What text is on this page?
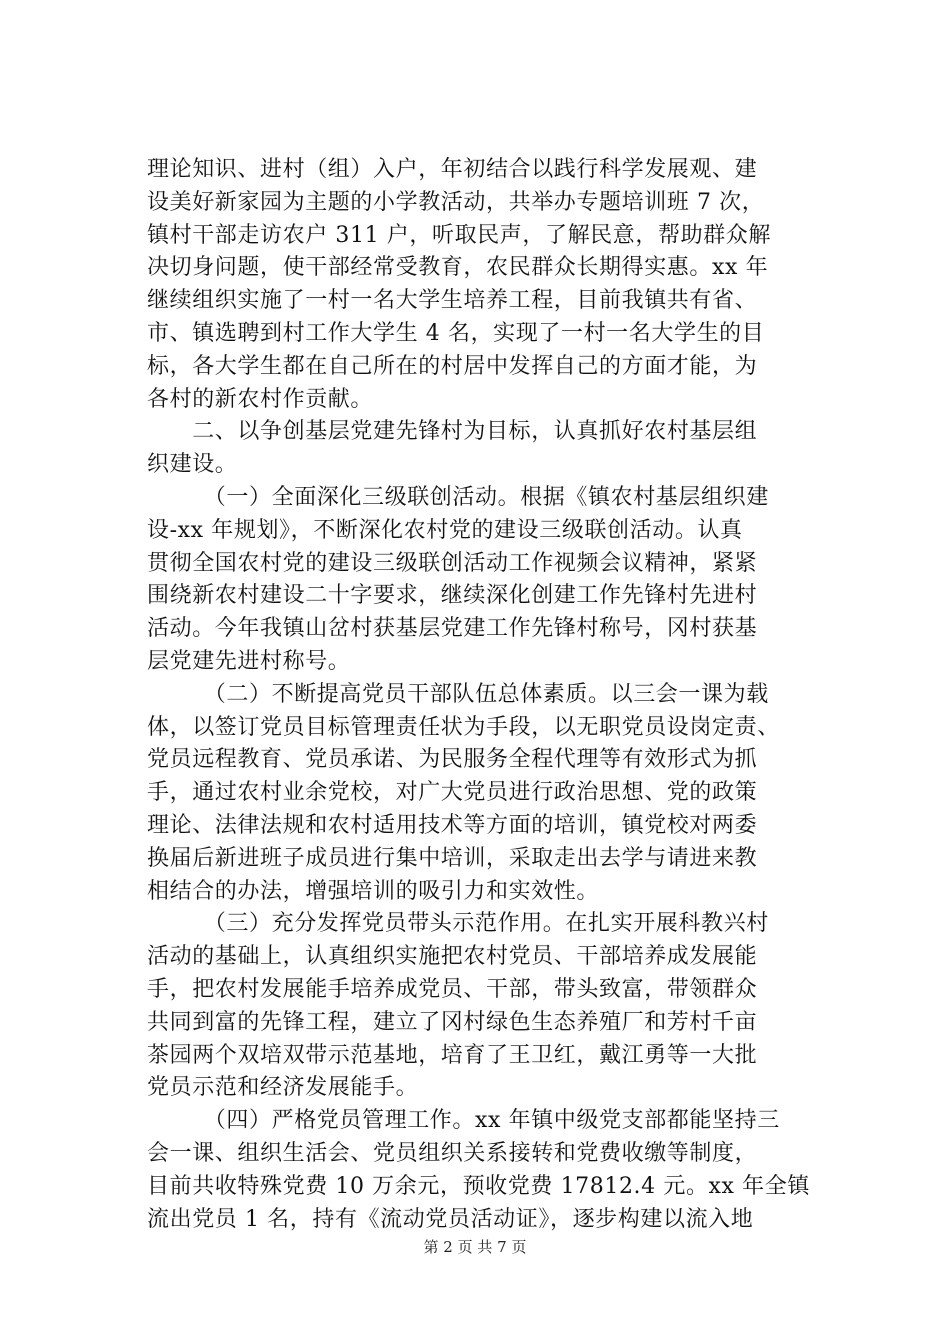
理论知识、进村（组）入户，年初结合以践行科学发展观、建
设美好新家园为主题的小学教活动，共举办专题培训班 7 次，
镇村干部走访农户 311 户，听取民声，了解民意，帮助群众解
决切身问题，使干部经常受教育，农民群众长期得实惠。xx 年
继续组织实施了一村一名大学生培养工程，目前我镇共有省、
市、镇选聘到村工作大学生 4 名，实现了一村一名大学生的目
标，各大学生都在自己所在的村居中发挥自己的方面才能，为
各村的新农村作贡献。
　　二、以争创基层党建先锋村为目标，认真抓好农村基层组
织建设。
　　　（一）全面深化三级联创活动。根据《镇农村基层组织建
设-xx 年规划》，不断深化农村党的建设三级联创活动。认真
贯彻全国农村党的建设三级联创活动工作视频会议精神，紧紧
围绕新农村建设二十字要求，继续深化创建工作先锋村先进村
活动。今年我镇山岔村获基层党建工作先锋村称号，冈村获基
层党建先进村称号。
　　　（二）不断提高党员干部队伍总体素质。以三会一课为载
体，以签订党员目标管理责任状为手段，以无职党员设岗定责、
党员远程教育、党员承诺、为民服务全程代理等有效形式为抓
手，通过农村业余党校，对广大党员进行政治思想、党的政策
理论、法律法规和农村适用技术等方面的培训，镇党校对两委
换届后新进班子成员进行集中培训，采取走出去学与请进来教
相结合的办法，增强培训的吸引力和实效性。
　　　（三）充分发挥党员带头示范作用。在扎实开展科教兴村
活动的基础上，认真组织实施把农村党员、干部培养成发展能
手，把农村发展能手培养成党员、干部，带头致富，带领群众
共同到富的先锋工程，建立了冈村绿色生态养殖厂和芳村千亩
茶园两个双培双带示范基地，培育了王卫红，戴江勇等一大批
党员示范和经济发展能手。
　　　（四）严格党员管理工作。xx 年镇中级党支部都能坚持三
会一课、组织生活会、党员组织关系接转和党费收缴等制度，
目前共收特殊党费 10 万余元，预收党费 17812.4 元。xx 年全镇
流出党员 1 名，持有《流动党员活动证》，逐步构建以流入地
第 2 页 共 7 页
